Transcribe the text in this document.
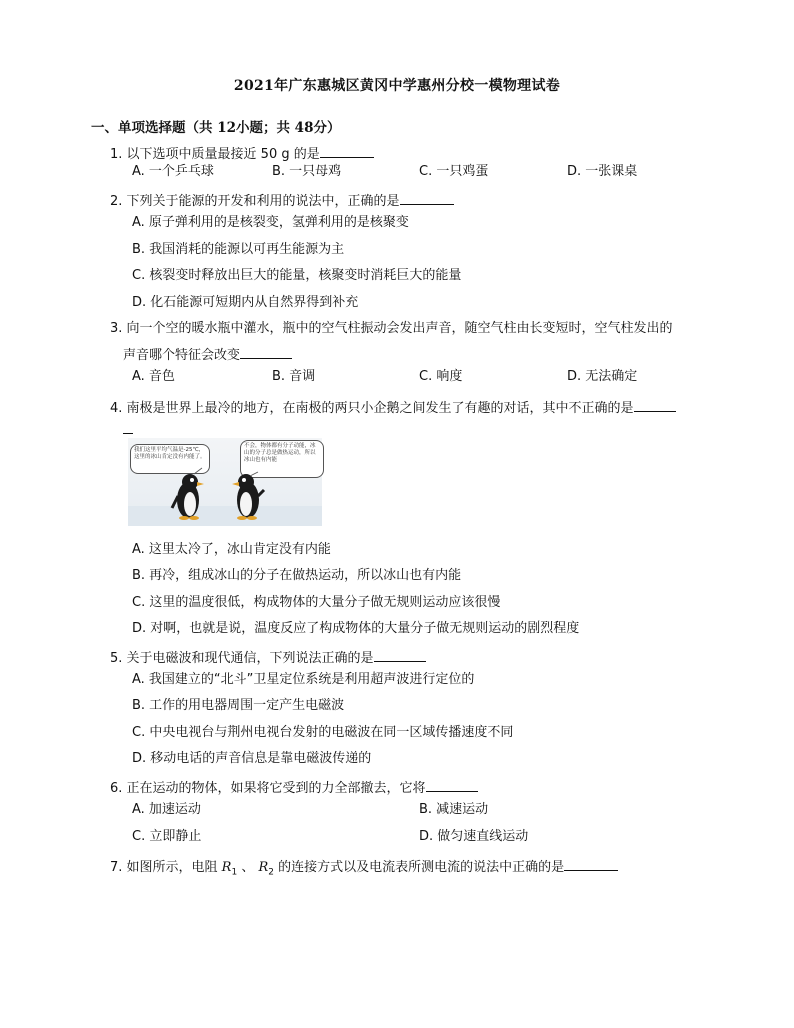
2021年广东惠城区黄冈中学惠州分校一模物理试卷
一、单项选择题（共 12小题；共 48分）
1. 以下选项中质量最接近 50 g 的是
A. 一个乒乓球	B. 一只母鸡	C. 一只鸡蛋	D. 一张课桌
2. 下列关于能源的开发和利用的说法中，正确的是
A. 原子弹利用的是核裂变，氢弹利用的是核聚变
B. 我国消耗的能源以可再生能源为主
C. 核裂变时释放出巨大的能量，核聚变时消耗巨大的能量
D. 化石能源可短期内从自然界得到补充
3. 向一个空的暖水瓶中灌水，瓶中的空气柱振动会发出声音，随空气柱由长变短时，空气柱发出的
声音哪个特征会改变
A. 音色	B. 音调	C. 响度	D. 无法确定
4. 南极是世界上最冷的地方，在南极的两只小企鹅之间发生了有趣的对话，其中不正确的是
我们这里平均气温是-25℃，这里的冰山肯定没有内能了。
不会，物体都有分子动能，冰山的分子总是做热运动，所以冰山也有内能
A. 这里太冷了，冰山肯定没有内能
B. 再冷，组成冰山的分子在做热运动，所以冰山也有内能
C. 这里的温度很低，构成物体的大量分子做无规则运动应该很慢
D. 对啊，也就是说，温度反应了构成物体的大量分子做无规则运动的剧烈程度
5. 关于电磁波和现代通信，下列说法正确的是
A. 我国建立的“北斗”卫星定位系统是利用超声波进行定位的
B. 工作的用电器周围一定产生电磁波
C. 中央电视台与荆州电视台发射的电磁波在同一区域传播速度不同
D. 移动电话的声音信息是靠电磁波传递的
6. 正在运动的物体，如果将它受到的力全部撤去，它将
A. 加速运动	B. 减速运动
C. 立即静止	D. 做匀速直线运动
7. 如图所示，电阻 $R_1$ 、 $R_2$ 的连接方式以及电流表所测电流的说法中正确的是
